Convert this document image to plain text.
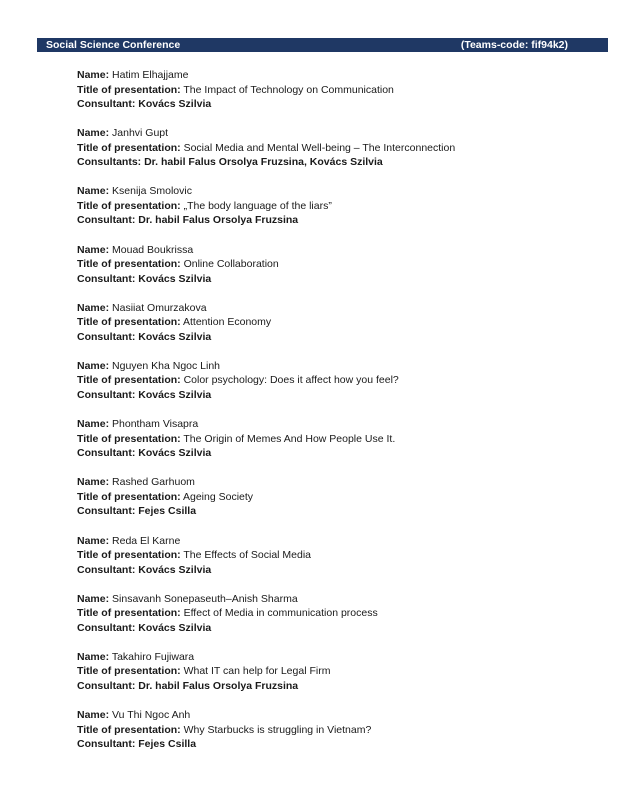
Social Science Conference	(Teams-code: fif94k2)
Name: Hatim Elhajjame
Title of presentation: The Impact of Technology on Communication
Consultant: Kovács Szilvia
Name: Janhvi Gupt
Title of presentation: Social Media and Mental Well-being – The Interconnection
Consultants: Dr. habil Falus Orsolya Fruzsina, Kovács Szilvia
Name: Ksenija Smolovic
Title of presentation: „The body language of the liars”
Consultant: Dr. habil Falus Orsolya Fruzsina
Name: Mouad Boukrissa
Title of presentation: Online Collaboration
Consultant: Kovács Szilvia
Name: Nasiiat Omurzakova
Title of presentation: Attention Economy
Consultant: Kovács Szilvia
Name: Nguyen Kha Ngoc Linh
Title of presentation: Color psychology: Does it affect how you feel?
Consultant: Kovács Szilvia
Name: Phontham Visapra
Title of presentation: The Origin of Memes And How People Use It.
Consultant: Kovács Szilvia
Name: Rashed Garhuom
Title of presentation: Ageing Society
Consultant: Fejes Csilla
Name: Reda El Karne
Title of presentation: The Effects of Social Media
Consultant: Kovács Szilvia
Name: Sinsavanh Sonepaseuth–Anish Sharma
Title of presentation: Effect of Media in communication process
Consultant: Kovács Szilvia
Name: Takahiro Fujiwara
Title of presentation: What IT can help for Legal Firm
Consultant: Dr. habil Falus Orsolya Fruzsina
Name: Vu Thi Ngoc Anh
Title of presentation: Why Starbucks is struggling in Vietnam?
Consultant: Fejes Csilla
